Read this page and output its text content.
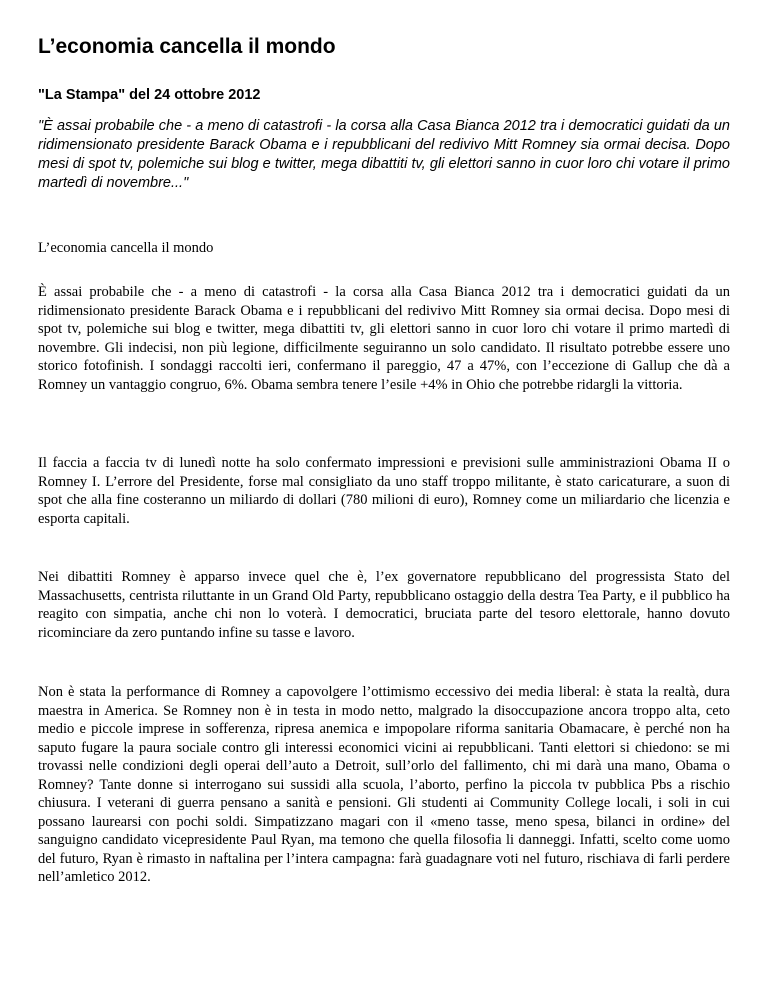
L’economia cancella il mondo

"La Stampa" del 24 ottobre 2012

"È assai probabile che - a meno di catastrofi - la corsa alla Casa Bianca 2012 tra i democratici guidati da un ridimensionato presidente Barack Obama e i repubblicani del redivivo Mitt Romney sia ormai decisa. Dopo mesi di spot tv, polemiche sui blog e twitter, mega dibattiti tv, gli elettori sanno in cuor loro chi votare il primo martedì di novembre..."

L’economia cancella il mondo

È assai probabile che - a meno di catastrofi - la corsa alla Casa Bianca 2012 tra i democratici guidati da un ridimensionato presidente Barack Obama e i repubblicani del redivivo Mitt Romney sia ormai decisa. Dopo mesi di spot tv, polemiche sui blog e twitter, mega dibattiti tv, gli elettori sanno in cuor loro chi votare il primo martedì di novembre. Gli indecisi, non più legione, difficilmente seguiranno un solo candidato. Il risultato potrebbe essere uno storico fotofinish. I sondaggi raccolti ieri, confermano il pareggio, 47 a 47%, con l’eccezione di Gallup che dà a Romney un vantaggio congruo, 6%. Obama sembra tenere l’esile +4% in Ohio che potrebbe ridargli la vittoria.

Il faccia a faccia tv di lunedì notte ha solo confermato impressioni e previsioni sulle amministrazioni Obama II o Romney I. L’errore del Presidente, forse mal consigliato da uno staff troppo militante, è stato caricaturare, a suon di spot che alla fine costeranno un miliardo di dollari (780 milioni di euro), Romney come un miliardario che licenzia e esporta capitali.

Nei dibattiti Romney è apparso invece quel che è, l’ex governatore repubblicano del progressista Stato del Massachusetts, centrista riluttante in un Grand Old Party, repubblicano ostaggio della destra Tea Party, e il pubblico ha reagito con simpatia, anche chi non lo voterà. I democratici, bruciata parte del tesoro elettorale, hanno dovuto ricominciare da zero puntando infine su tasse e lavoro.

Non è stata la performance di Romney a capovolgere l’ottimismo eccessivo dei media liberal: è stata la realtà, dura maestra in America. Se Romney non è in testa in modo netto, malgrado la disoccupazione ancora troppo alta, ceto medio e piccole imprese in sofferenza, ripresa anemica e impopolare riforma sanitaria Obamacare, è perché non ha saputo fugare la paura sociale contro gli interessi economici vicini ai repubblicani. Tanti elettori si chiedono: se mi trovassi nelle condizioni degli operai dell’auto a Detroit, sull’orlo del fallimento, chi mi darà una mano, Obama o Romney? Tante donne si interrogano sui sussidi alla scuola, l’aborto, perfino la piccola tv pubblica Pbs a rischio chiusura. I veterani di guerra pensano a sanità e pensioni. Gli studenti ai Community College locali, i soli in cui possano laurearsi con pochi soldi. Simpatizzano magari con il «meno tasse, meno spesa, bilanci in ordine» del sanguigno candidato vicepresidente Paul Ryan, ma temono che quella filosofia li danneggi. Infatti, scelto come uomo del futuro, Ryan è rimasto in naftalina per l’intera campagna: farà guadagnare voti nel futuro, rischiava di farli perdere nell’amletico 2012.
